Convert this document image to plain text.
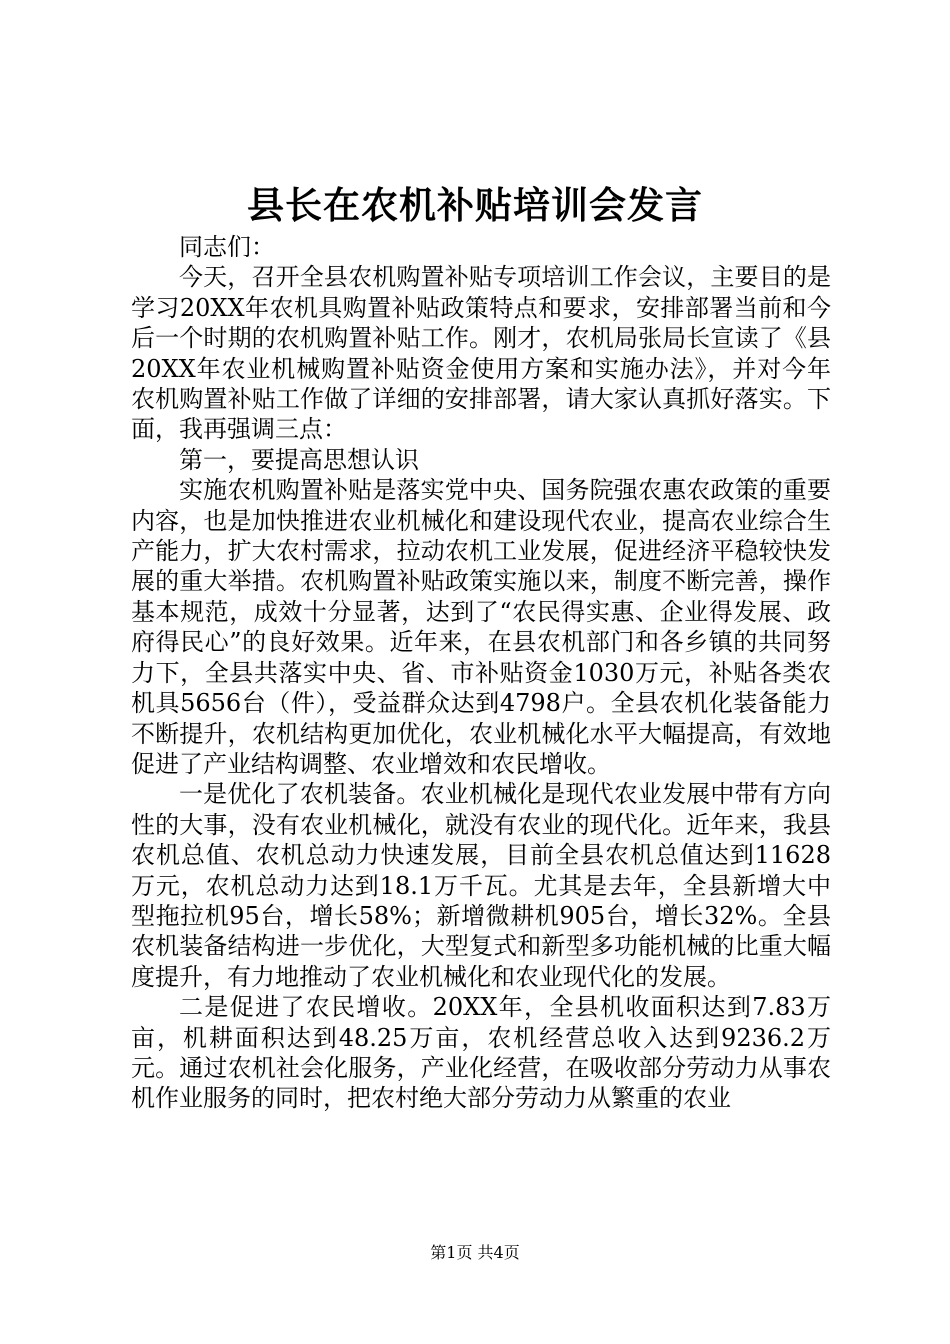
县长在农机补贴培训会发言

同志们：

今天，召开全县农机购置补贴专项培训工作会议，主要目的是学习20XX年农机具购置补贴政策特点和要求，安排部署当前和今后一个时期的农机购置补贴工作。刚才，农机局张局长宣读了《县20XX年农业机械购置补贴资金使用方案和实施办法》，并对今年农机购置补贴工作做了详细的安排部署，请大家认真抓好落实。下面，我再强调三点：

第一，要提高思想认识

实施农机购置补贴是落实党中央、国务院强农惠农政策的重要内容，也是加快推进农业机械化和建设现代农业，提高农业综合生产能力，扩大农村需求，拉动农机工业发展，促进经济平稳较快发展的重大举措。农机购置补贴政策实施以来，制度不断完善，操作基本规范，成效十分显著，达到了“农民得实惠、企业得发展、政府得民心”的良好效果。近年来，在县农机部门和各乡镇的共同努力下，全县共落实中央、省、市补贴资金1030万元，补贴各类农机具5656台（件），受益群众达到4798户。全县农机化装备能力不断提升，农机结构更加优化，农业机械化水平大幅提高，有效地促进了产业结构调整、农业增效和农民增收。

一是优化了农机装备。农业机械化是现代农业发展中带有方向性的大事，没有农业机械化，就没有农业的现代化。近年来，我县农机总值、农机总动力快速发展，目前全县农机总值达到11628万元，农机总动力达到18.1万千瓦。尤其是去年，全县新增大中型拖拉机95台，增长58%；新增微耕机905台，增长32%。全县农机装备结构进一步优化，大型复式和新型多功能机械的比重大幅度提升，有力地推动了农业机械化和农业现代化的发展。

二是促进了农民增收。20XX年，全县机收面积达到7.83万亩，机耕面积达到48.25万亩，农机经营总收入达到9236.2万元。通过农机社会化服务，产业化经营，在吸收部分劳动力从事农机作业服务的同时，把农村绝大部分劳动力从繁重的农业

第1页 共4页
